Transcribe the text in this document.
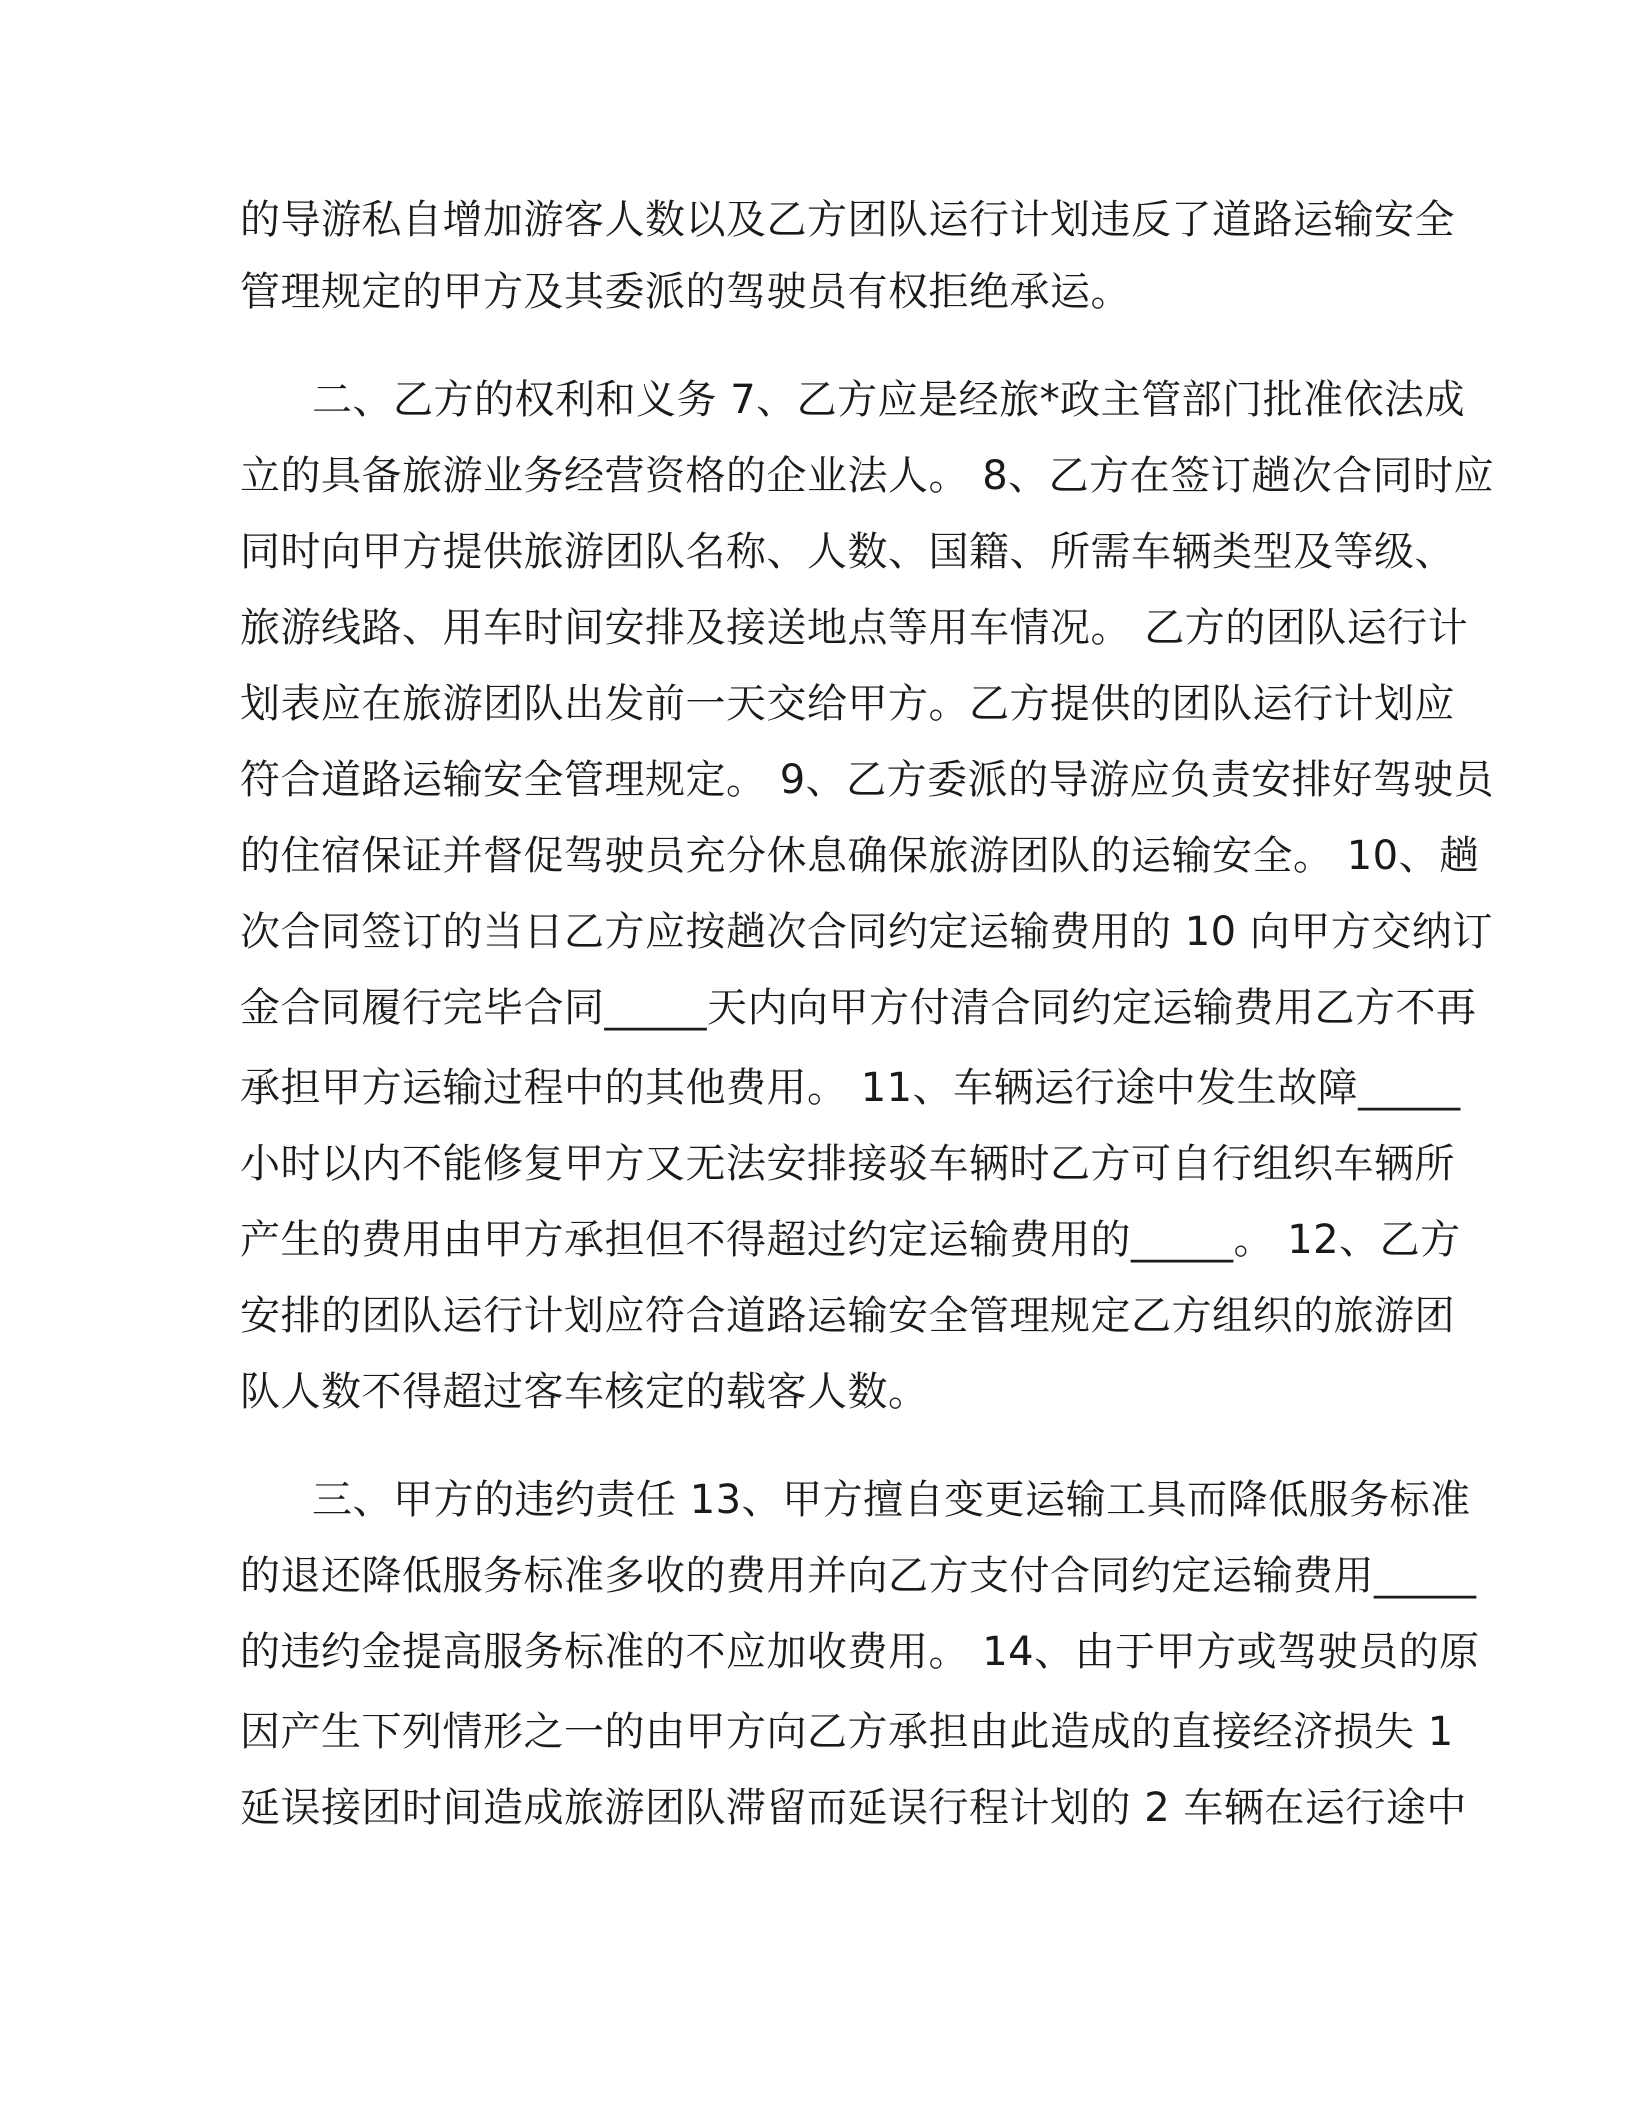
的导游私自增加游客人数以及乙方团队运行计划违反了道路运输安全
管理规定的甲方及其委派的驾驶员有权拒绝承运。
二、乙方的权利和义务 7、乙方应是经旅*政主管部门批准依法成
立的具备旅游业务经营资格的企业法人。 8、乙方在签订趟次合同时应
同时向甲方提供旅游团队名称、人数、国籍、所需车辆类型及等级、
旅游线路、用车时间安排及接送地点等用车情况。 乙方的团队运行计
划表应在旅游团队出发前一天交给甲方。乙方提供的团队运行计划应
符合道路运输安全管理规定。 9、乙方委派的导游应负责安排好驾驶员
的住宿保证并督促驾驶员充分休息确保旅游团队的运输安全。 10、趟
次合同签订的当日乙方应按趟次合同约定运输费用的 10 向甲方交纳订
金合同履行完毕合同_____天内向甲方付清合同约定运输费用乙方不再
承担甲方运输过程中的其他费用。 11、车辆运行途中发生故障_____
小时以内不能修复甲方又无法安排接驳车辆时乙方可自行组织车辆所
产生的费用由甲方承担但不得超过约定运输费用的_____。 12、乙方
安排的团队运行计划应符合道路运输安全管理规定乙方组织的旅游团
队人数不得超过客车核定的载客人数。
三、甲方的违约责任 13、甲方擅自变更运输工具而降低服务标准
的退还降低服务标准多收的费用并向乙方支付合同约定运输费用_____
的违约金提高服务标准的不应加收费用。 14、由于甲方或驾驶员的原
因产生下列情形之一的由甲方向乙方承担由此造成的直接经济损失 1
延误接团时间造成旅游团队滞留而延误行程计划的 2 车辆在运行途中
